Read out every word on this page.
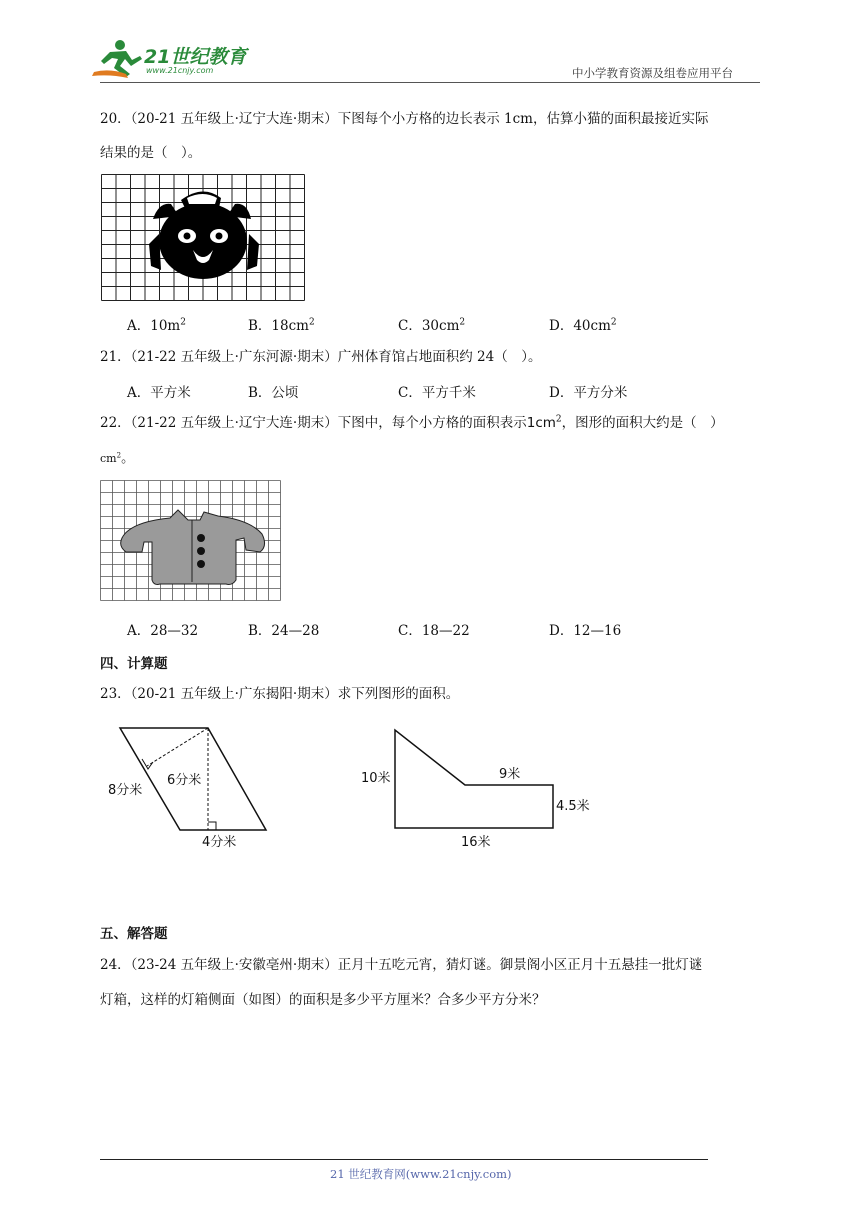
21世纪教育
www.21cnjy.com	中小学教育资源及组卷应用平台
20．（20-21 五年级上·辽宁大连·期末）下图每个小方格的边长表示 1cm，估算小猫的面积最接近实际
结果的是（　）。
A．$10m^2$	B．$18cm^2$	C．$30cm^2$	D．$40cm^2$
21．（21-22 五年级上·广东河源·期末）广州体育馆占地面积约 24（　）。
A．平方米	B．公顷	C．平方千米	D．平方分米
22．（21-22 五年级上·辽宁大连·期末）下图中，每个小方格的面积表示$1cm^2$，图形的面积大约是（　）
$cm^2$。
A．28—32	B．24—28	C．18—22	D．12—16
四、计算题
23．（20-21 五年级上·广东揭阳·期末）求下列图形的面积。
8分米
6分米
4分米
10米	9米
4.5米
16米
五、解答题
24．（23-24 五年级上·安徽亳州·期末）正月十五吃元宵，猜灯谜。御景阁小区正月十五悬挂一批灯谜
灯箱，这样的灯箱侧面（如图）的面积是多少平方厘米？合多少平方分米？
21 世纪教育网(www.21cnjy.com)
